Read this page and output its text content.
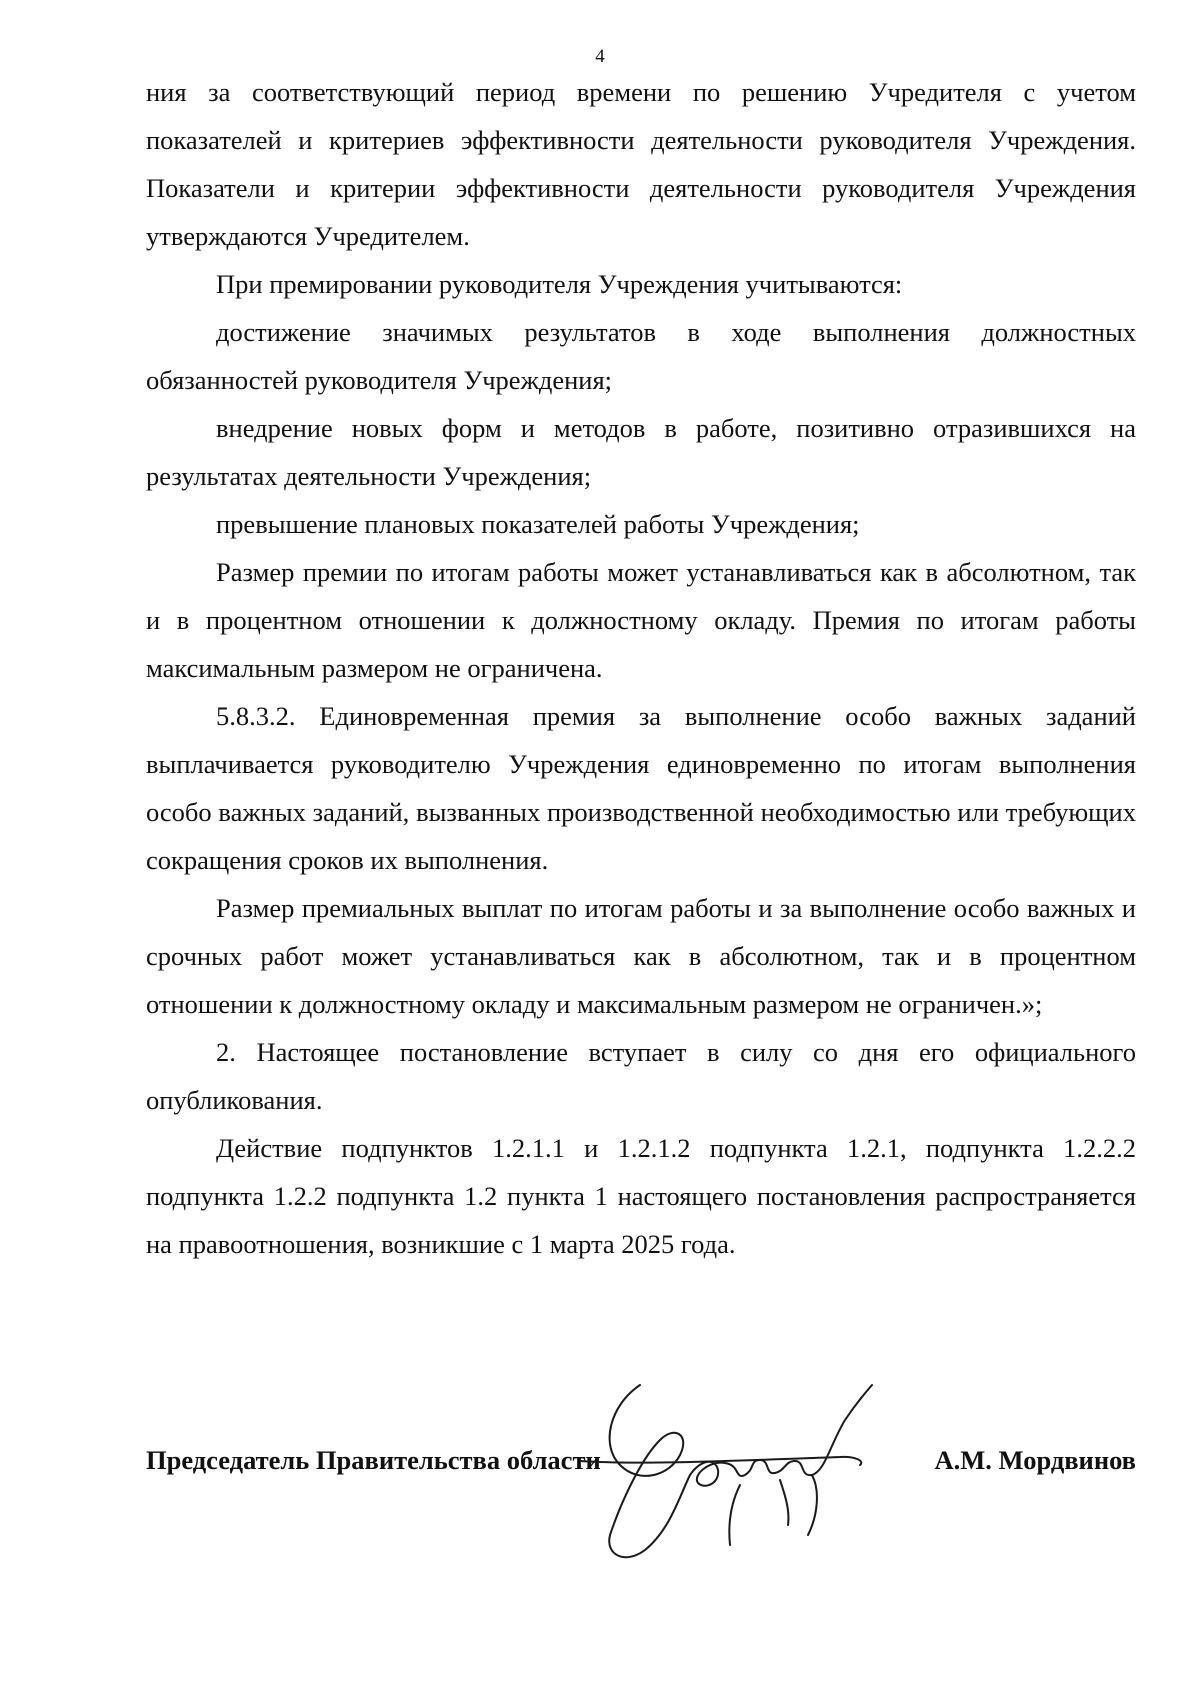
4

ния за соответствующий период времени по решению Учредителя с учетом показателей и критериев эффективности деятельности руководителя Учреждения. Показатели и критерии эффективности деятельности руководителя Учреждения утверждаются Учредителем.

При премировании руководителя Учреждения учитываются:

достижение значимых результатов в ходе выполнения должностных обязанностей руководителя Учреждения;

внедрение новых форм и методов в работе, позитивно отразившихся на результатах деятельности Учреждения;

превышение плановых показателей работы Учреждения;

Размер премии по итогам работы может устанавливаться как в абсолютном, так и в процентном отношении к должностному окладу. Премия по итогам работы максимальным размером не ограничена.

5.8.3.2. Единовременная премия за выполнение особо важных заданий выплачивается руководителю Учреждения единовременно по итогам выполнения особо важных заданий, вызванных производственной необходимостью или требующих сокращения сроков их выполнения.

Размер премиальных выплат по итогам работы и за выполнение особо важных и срочных работ может устанавливаться как в абсолютном, так и в процентном отношении к должностному окладу и максимальным размером не ограничен.»;

2. Настоящее постановление вступает в силу со дня его официального опубликования.

Действие подпунктов 1.2.1.1 и 1.2.1.2 подпункта 1.2.1, подпункта 1.2.2.2 подпункта 1.2.2 подпункта 1.2 пункта 1 настоящего постановления распространяется на правоотношения, возникшие с 1 марта 2025 года.

Председатель Правительства области	А.М. Мордвинов
